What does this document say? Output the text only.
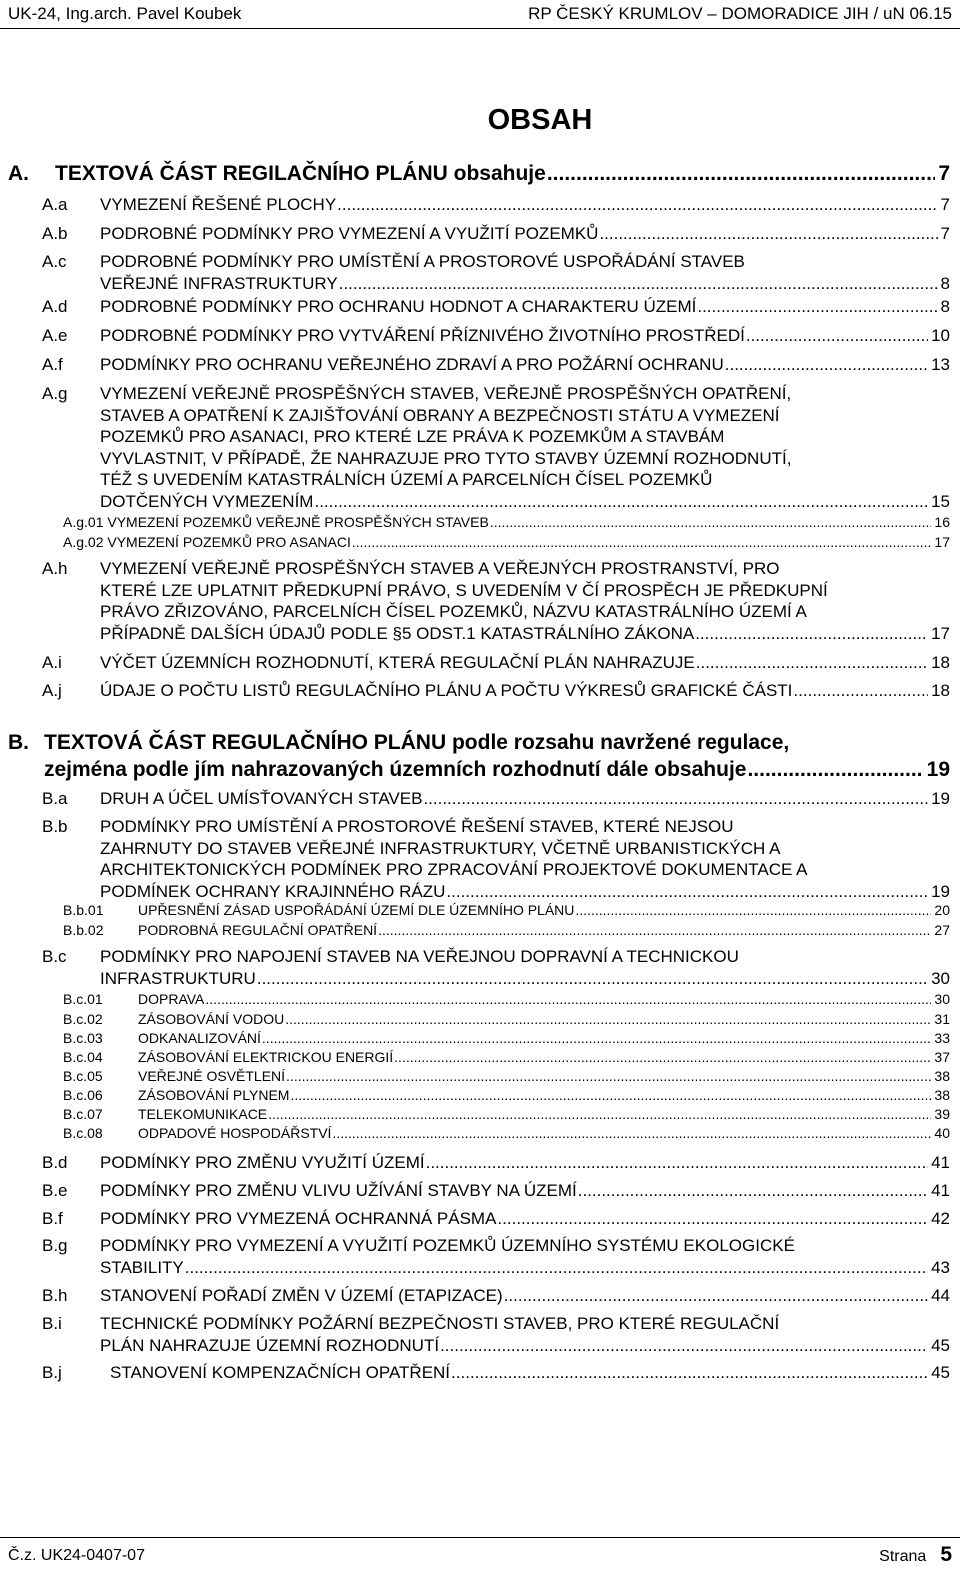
UK-24, Ing.arch. Pavel Koubek	RP ČESKÝ KRUMLOV – DOMORADICE JIH / uN 06.15
OBSAH
A. TEXTOVÁ ČÁST REGILAČNÍHO PLÁNU obsahuje .....	7
A.a VYMEZENÍ ŘEŠENÉ PLOCHY .....	7
A.b PODROBNÉ PODMÍNKY PRO VYMEZENÍ A VYUŽITÍ POZEMKŮ .....	7
A.c PODROBNÉ PODMÍNKY PRO UMÍSTĚNÍ A PROSTOROVÉ USPOŘÁDÁNÍ STAVEB
VEŘEJNÉ INFRASTRUKTURY .....	8
A.d PODROBNÉ PODMÍNKY PRO OCHRANU HODNOT A CHARAKTERU ÚZEMÍ .....	8
A.e PODROBNÉ PODMÍNKY PRO VYTVÁŘENÍ PŘÍZNIVÉHO ŽIVOTNÍHO PROSTŘEDÍ .....	10
A.f PODMÍNKY PRO OCHRANU VEŘEJNÉHO ZDRAVÍ A PRO POŽÁRNÍ OCHRANU .....	13
A.g VYMEZENÍ VEŘEJNĚ PROSPĚŠNÝCH STAVEB, VEŘEJNĚ PROSPĚŠNÝCH OPATŘENÍ,
STAVEB A OPATŘENÍ K ZAJIŠŤOVÁNÍ OBRANY A BEZPEČNOSTI STÁTU A VYMEZENÍ
POZEMKŮ PRO ASANACI, PRO KTERÉ LZE PRÁVA K POZEMKŮM A STAVBÁM
VYVLASTNIT, V PŘÍPADĚ, ŽE NAHRAZUJE PRO TYTO STAVBY ÚZEMNÍ ROZHODNUTÍ,
TÉŽ S UVEDENÍM KATASTRÁLNÍCH ÚZEMÍ A PARCELNÍCH ČÍSEL POZEMKŮ
DOTČENÝCH VYMEZENÍM .....	15
A.g.01 VYMEZENÍ POZEMKŮ VEŘEJNĚ PROSPĚŠNÝCH STAVEB .....	16
A.g.02 VYMEZENÍ POZEMKŮ PRO ASANACI .....	17
A.h VYMEZENÍ VEŘEJNĚ PROSPĚŠNÝCH STAVEB A VEŘEJNÝCH PROSTRANSTVÍ, PRO
KTERÉ LZE UPLATNIT PŘEDKUPNÍ PRÁVO, S UVEDENÍM V ČÍ PROSPĚCH JE PŘEDKUPNÍ
PRÁVO ZŘIZOVÁNO, PARCELNÍCH ČÍSEL POZEMKŮ, NÁZVU KATASTRÁLNÍHO ÚZEMÍ A
PŘÍPADNĚ DALŠÍCH ÚDAJŮ PODLE §5 ODST.1 KATASTRÁLNÍHO ZÁKONA .....	17
A.i VÝČET ÚZEMNÍCH ROZHODNUTÍ, KTERÁ REGULAČNÍ PLÁN NAHRAZUJE .....	18
A.j ÚDAJE O POČTU LISTŮ REGULAČNÍHO PLÁNU A POČTU VÝKRESŮ GRAFICKÉ ČÁSTI .....	18
B. TEXTOVÁ ČÁST REGULAČNÍHO PLÁNU podle rozsahu navržené regulace,
zejména podle jím nahrazovaných územních rozhodnutí dále obsahuje .....	19
B.a DRUH A ÚČEL UMÍSŤOVANÝCH STAVEB .....	19
B.b PODMÍNKY PRO UMÍSTĚNÍ A PROSTOROVÉ ŘEŠENÍ STAVEB, KTERÉ NEJSOU
ZAHRNUTY DO STAVEB VEŘEJNÉ INFRASTRUKTURY, VČETNĚ URBANISTICKÝCH A
ARCHITEKTONICKÝCH PODMÍNEK PRO ZPRACOVÁNÍ PROJEKTOVÉ DOKUMENTACE A
PODMÍNEK OCHRANY KRAJINNÉHO RÁZU .....	19
B.b.01 UPŘESNĚNÍ ZÁSAD USPOŘÁDÁNÍ ÚZEMÍ DLE ÚZEMNÍHO PLÁNU .....	20
B.b.02 PODROBNÁ REGULAČNÍ OPATŘENÍ .....	27
B.c PODMÍNKY PRO NAPOJENÍ STAVEB NA VEŘEJNOU DOPRAVNÍ A TECHNICKOU
INFRASTRUKTURU .....	30
B.c.01	DOPRAVA .....	30
B.c.02	ZÁSOBOVÁNÍ VODOU .....	31
B.c.03	ODKANALIZOVÁNÍ .....	33
B.c.04	ZÁSOBOVÁNÍ ELEKTRICKOU ENERGIÍ .....	37
B.c.05	VEŘEJNÉ OSVĚTLENÍ .....	38
B.c.06	ZÁSOBOVÁNÍ PLYNEM .....	38
B.c.07	TELEKOMUNIKACE .....	39
B.c.08	ODPADOVÉ HOSPODÁŘSTVÍ .....	40
B.d PODMÍNKY PRO ZMĚNU VYUŽITÍ ÚZEMÍ .....	41
B.e PODMÍNKY PRO ZMĚNU VLIVU UŽÍVÁNÍ STAVBY NA ÚZEMÍ .....	41
B.f PODMÍNKY PRO VYMEZENÁ OCHRANNÁ PÁSMA .....	42
B.g PODMÍNKY PRO VYMEZENÍ A VYUŽITÍ POZEMKŮ ÚZEMNÍHO SYSTÉMU EKOLOGICKÉ
STABILITY .....	43
B.h STANOVENÍ POŘADÍ ZMĚN V ÚZEMÍ (ETAPIZACE) .....	44
B.i TECHNICKÉ PODMÍNKY POŽÁRNÍ BEZPEČNOSTI STAVEB, PRO KTERÉ REGULAČNÍ
PLÁN NAHRAZUJE ÚZEMNÍ ROZHODNUTÍ .....	45
B.j	STANOVENÍ KOMPENZAČNÍCH OPATŘENÍ .....	45
Č.z. UK24-0407-07	Strana 5
